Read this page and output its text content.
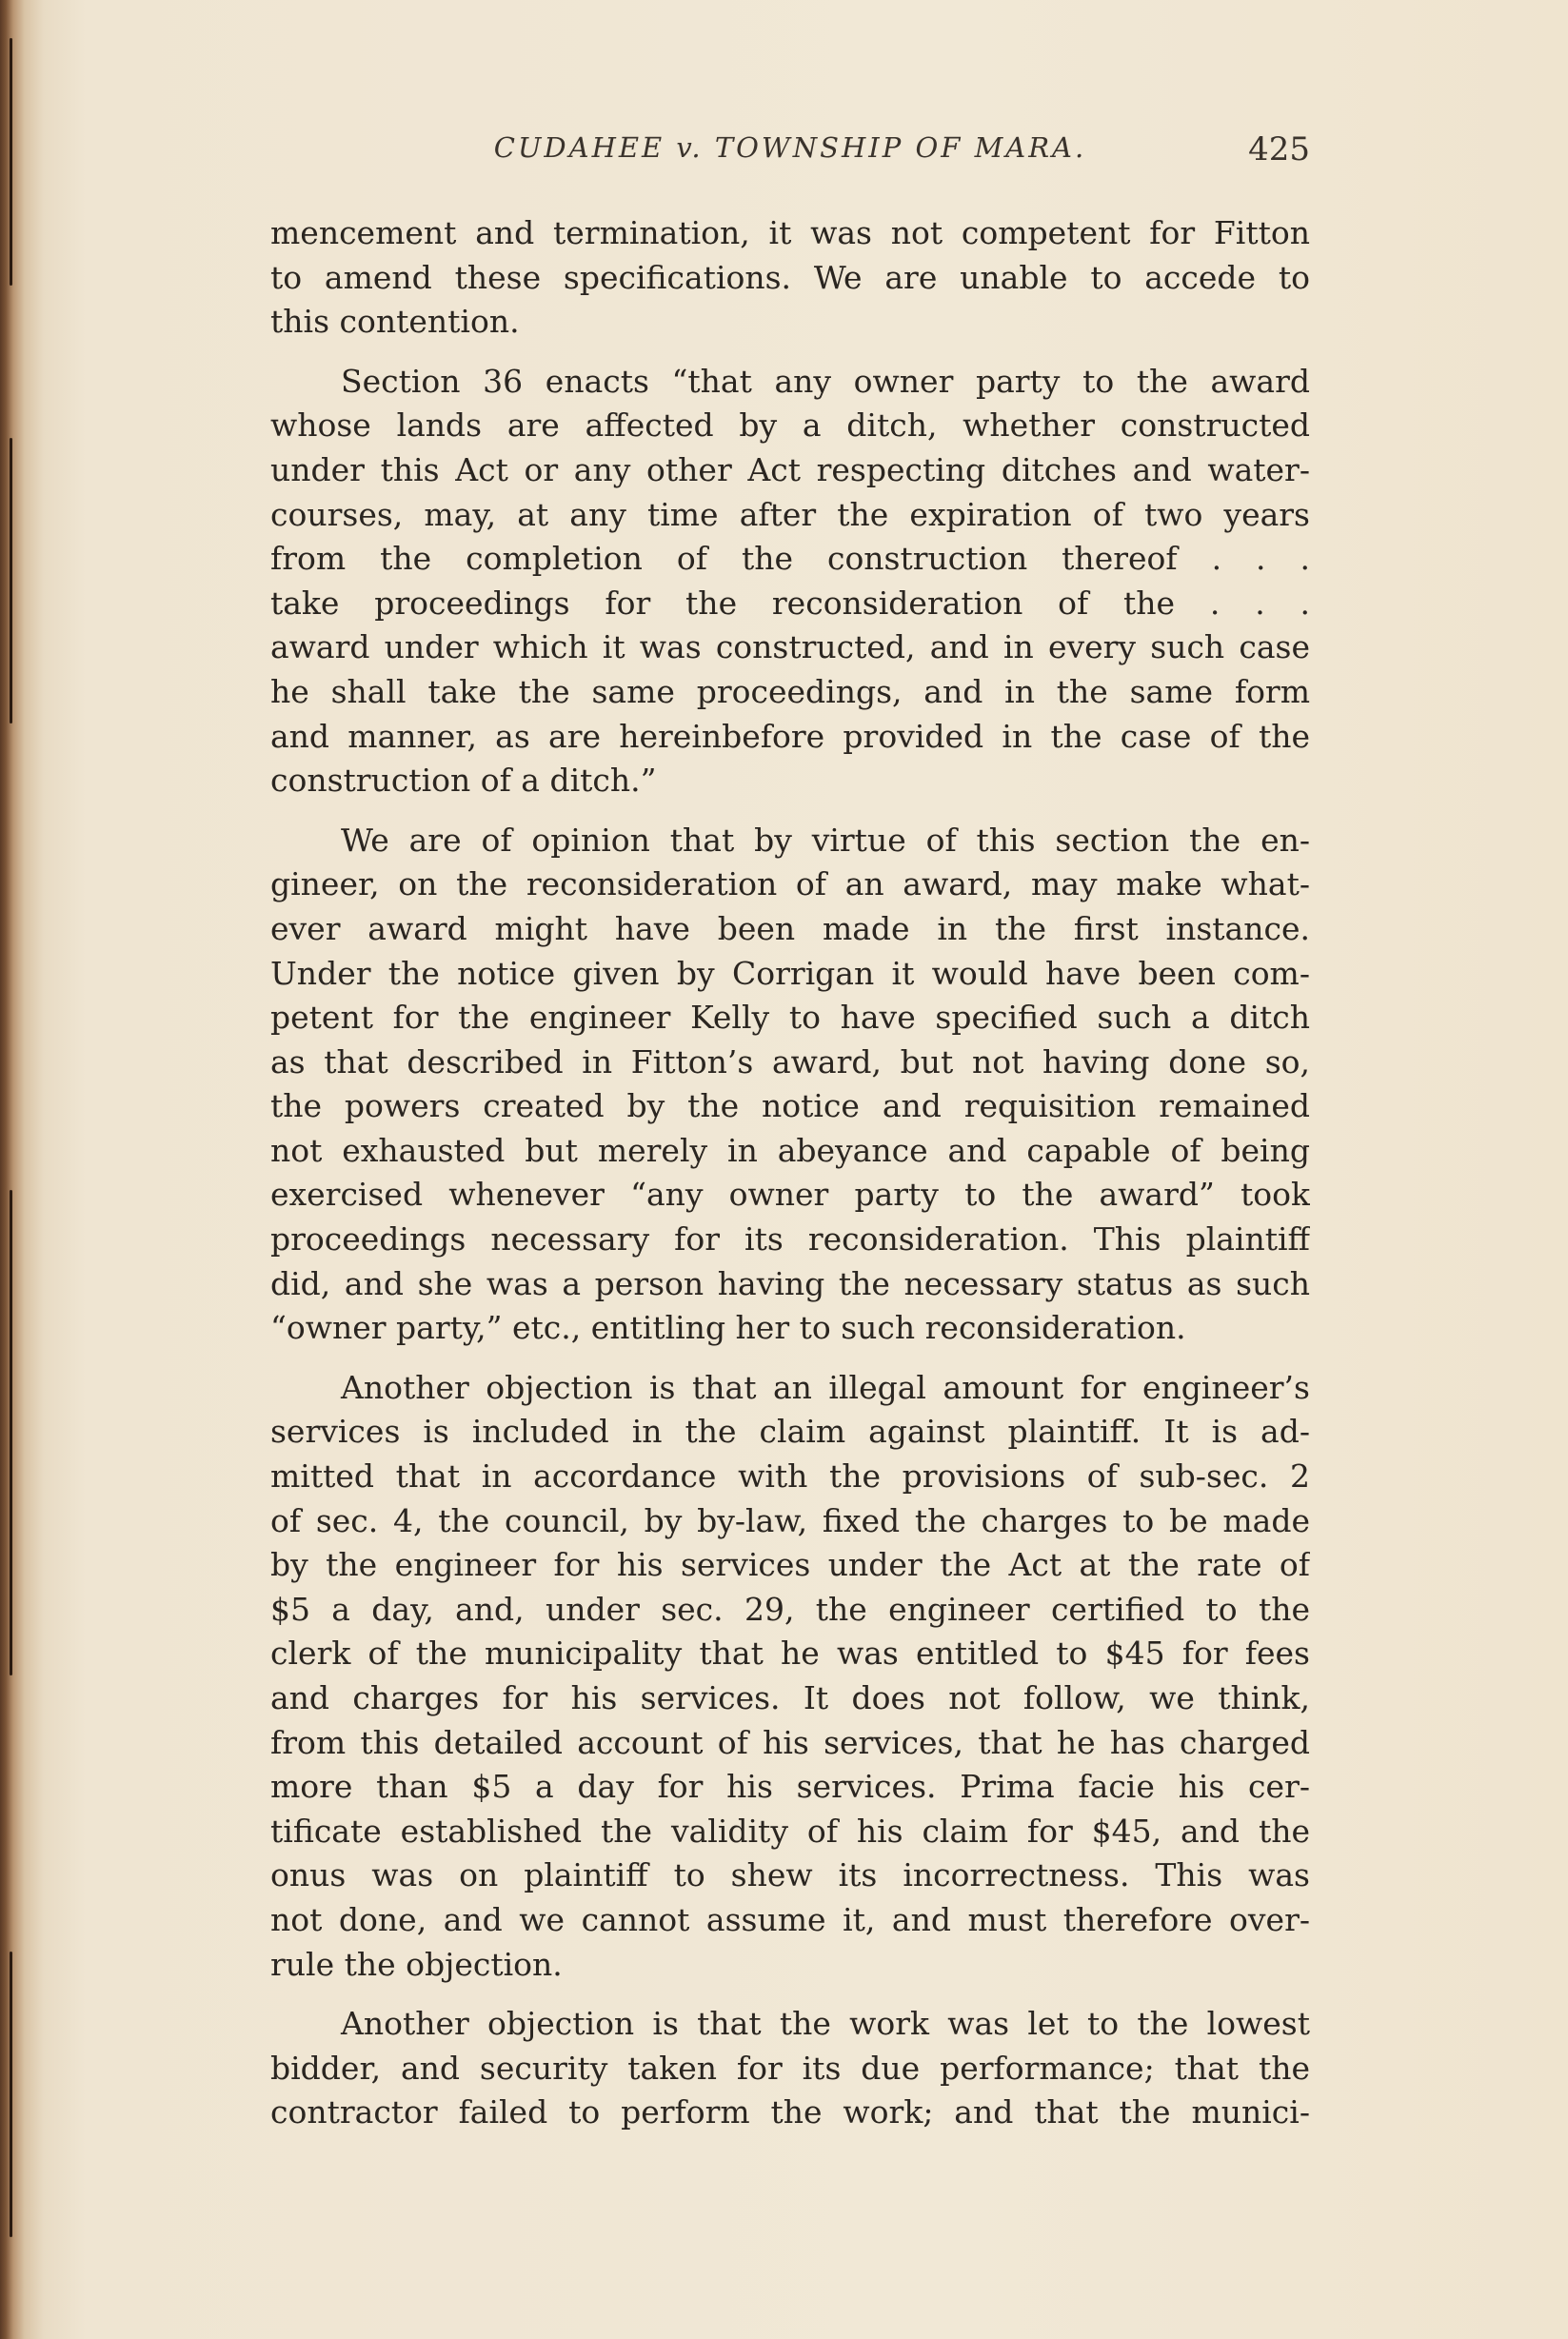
CUDAHEE v. TOWNSHIP OF MARA.	425
mencement and termination, it was not competent for Fitton
to amend these specifications. We are unable to accede to
this contention.
Section 36 enacts “that any owner party to the award
whose lands are affected by a ditch, whether constructed
under this Act or any other Act respecting ditches and water-
courses, may, at any time after the expiration of two years
from the completion of the construction thereof . . .
take proceedings for the reconsideration of the . . .
award under which it was constructed, and in every such case
he shall take the same proceedings, and in the same form
and manner, as are hereinbefore provided in the case of the
construction of a ditch.”
We are of opinion that by virtue of this section the en-
gineer, on the reconsideration of an award, may make what-
ever award might have been made in the first instance.
Under the notice given by Corrigan it would have been com-
petent for the engineer Kelly to have specified such a ditch
as that described in Fitton’s award, but not having done so,
the powers created by the notice and requisition remained
not exhausted but merely in abeyance and capable of being
exercised whenever “any owner party to the award” took
proceedings necessary for its reconsideration. This plaintiff
did, and she was a person having the necessary status as such
“owner party,” etc., entitling her to such reconsideration.
Another objection is that an illegal amount for engineer’s
services is included in the claim against plaintiff. It is ad-
mitted that in accordance with the provisions of sub-sec. 2
of sec. 4, the council, by by-law, fixed the charges to be made
by the engineer for his services under the Act at the rate of
$5 a day, and, under sec. 29, the engineer certified to the
clerk of the municipality that he was entitled to $45 for fees
and charges for his services. It does not follow, we think,
from this detailed account of his services, that he has charged
more than $5 a day for his services. Prima facie his cer-
tificate established the validity of his claim for $45, and the
onus was on plaintiff to shew its incorrectness. This was
not done, and we cannot assume it, and must therefore over-
rule the objection.
Another objection is that the work was let to the lowest
bidder, and security taken for its due performance; that the
contractor failed to perform the work; and that the munici-
